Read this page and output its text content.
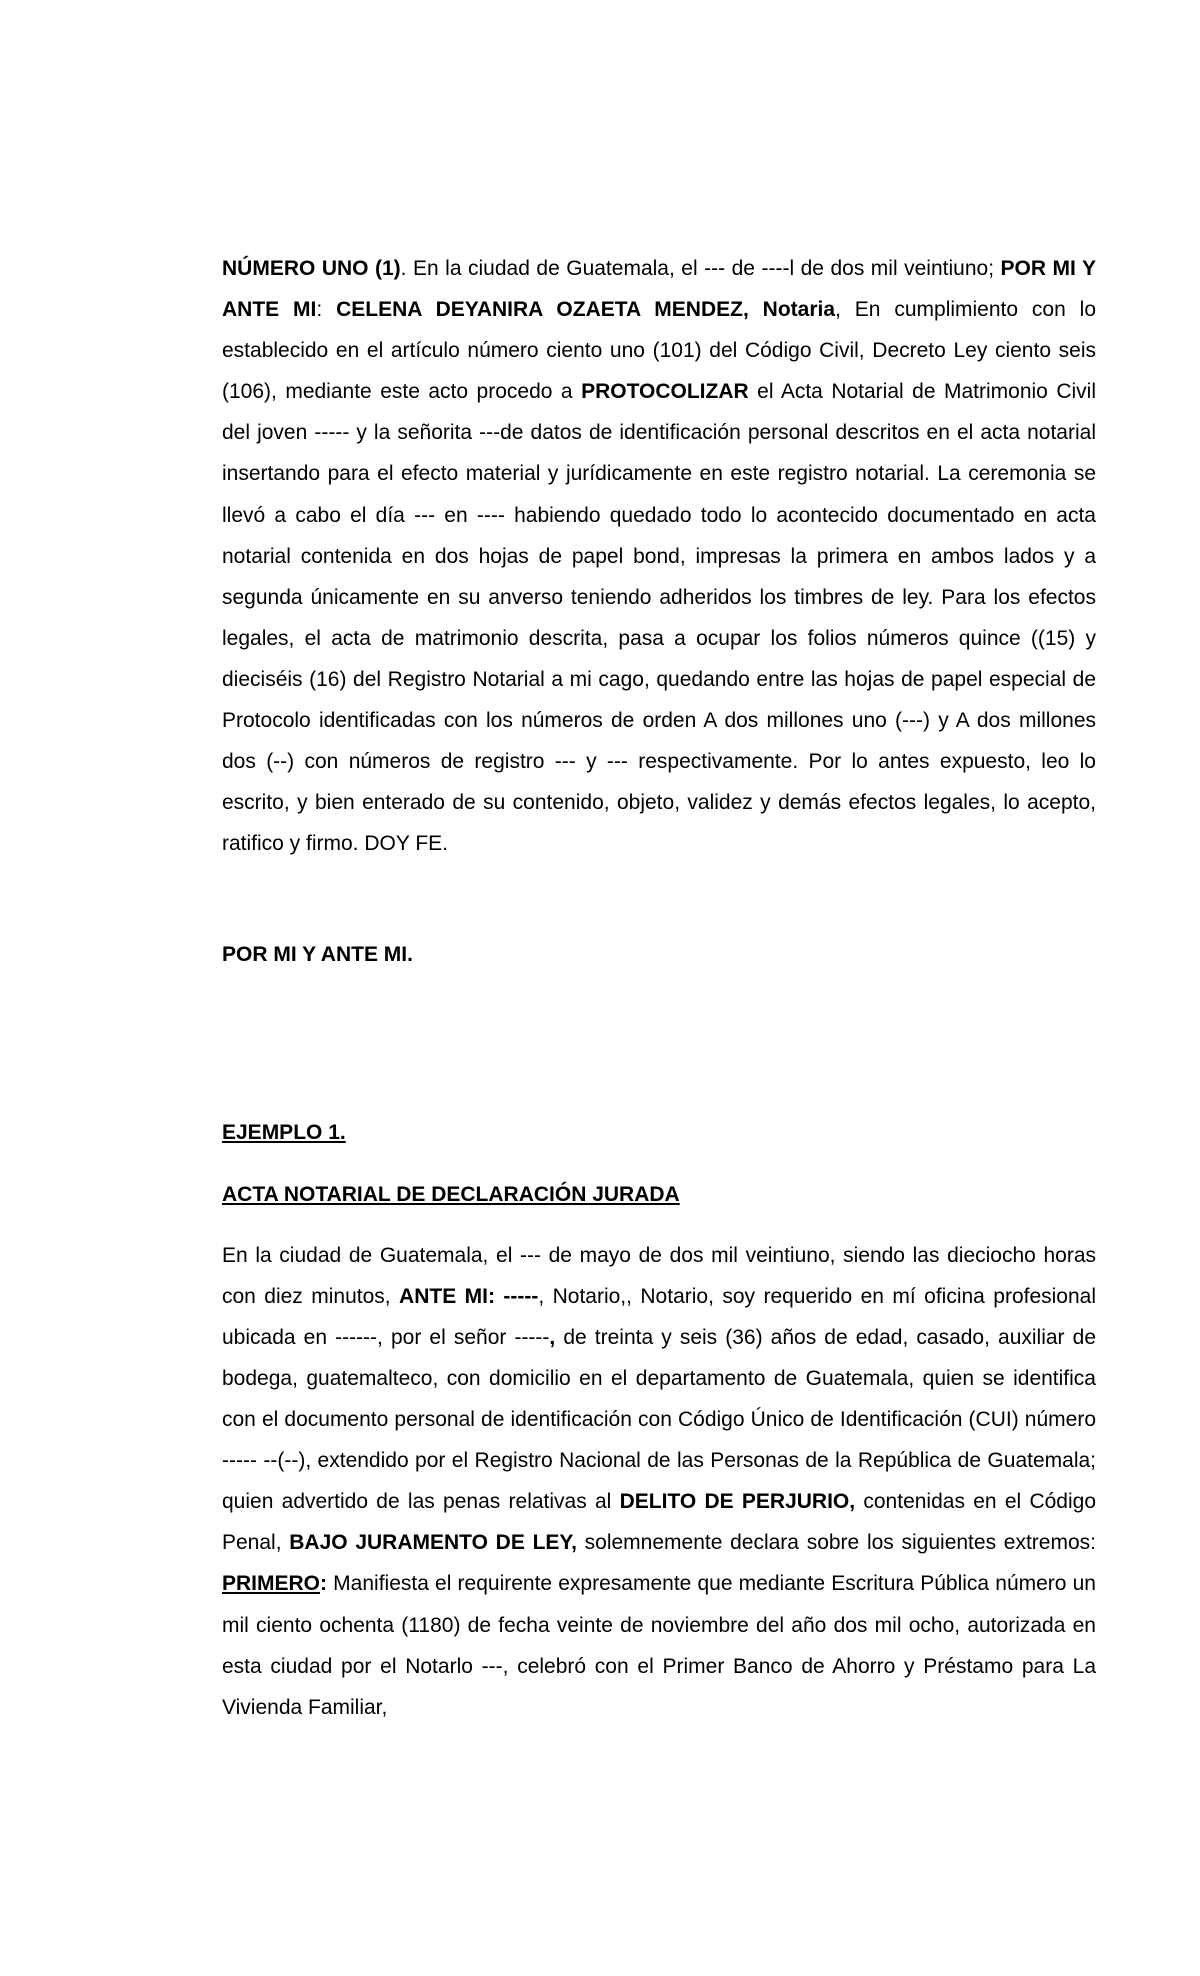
NÚMERO UNO (1). En la ciudad de Guatemala, el --- de ----l de dos mil veintiuno; POR MI Y ANTE MI: CELENA DEYANIRA OZAETA MENDEZ, Notaria, En cumplimiento con lo establecido en el artículo número ciento uno (101) del Código Civil, Decreto Ley ciento seis (106), mediante este acto procedo a PROTOCOLIZAR el Acta Notarial de Matrimonio Civil del joven ----- y la señorita ---de datos de identificación personal descritos en el acta notarial insertando para el efecto material y jurídicamente en este registro notarial. La ceremonia se llevó a cabo el día --- en ---- habiendo quedado todo lo acontecido documentado en acta notarial contenida en dos hojas de papel bond, impresas la primera en ambos lados y a segunda únicamente en su anverso teniendo adheridos los timbres de ley. Para los efectos legales, el acta de matrimonio descrita, pasa a ocupar los folios números quince ((15) y dieciséis (16) del Registro Notarial a mi cago, quedando entre las hojas de papel especial de Protocolo identificadas con los números de orden A dos millones uno (---) y A dos millones dos (--) con números de registro --- y --- respectivamente. Por lo antes expuesto, leo lo escrito, y bien enterado de su contenido, objeto, validez y demás efectos legales, lo acepto, ratifico y firmo. DOY FE.

POR MI Y ANTE MI.

EJEMPLO 1.

ACTA NOTARIAL DE DECLARACIÓN JURADA

En la ciudad de Guatemala, el --- de mayo de dos mil veintiuno, siendo las dieciocho horas con diez minutos, ANTE MI: -----, Notario,, Notario, soy requerido en mí oficina profesional ubicada en ------, por el señor -----, de treinta y seis (36) años de edad, casado, auxiliar de bodega, guatemalteco, con domicilio en el departamento de Guatemala, quien se identifica con el documento personal de identificación con Código Único de Identificación (CUI) número ----- --(--), extendido por el Registro Nacional de las Personas de la República de Guatemala; quien advertido de las penas relativas al DELITO DE PERJURIO, contenidas en el Código Penal, BAJO JURAMENTO DE LEY, solemnemente declara sobre los siguientes extremos: PRIMERO: Manifiesta el requirente expresamente que mediante Escritura Pública número un mil ciento ochenta (1180) de fecha veinte de noviembre del año dos mil ocho, autorizada en esta ciudad por el Notarlo ---, celebró con el Primer Banco de Ahorro y Préstamo para La Vivienda Familiar,
